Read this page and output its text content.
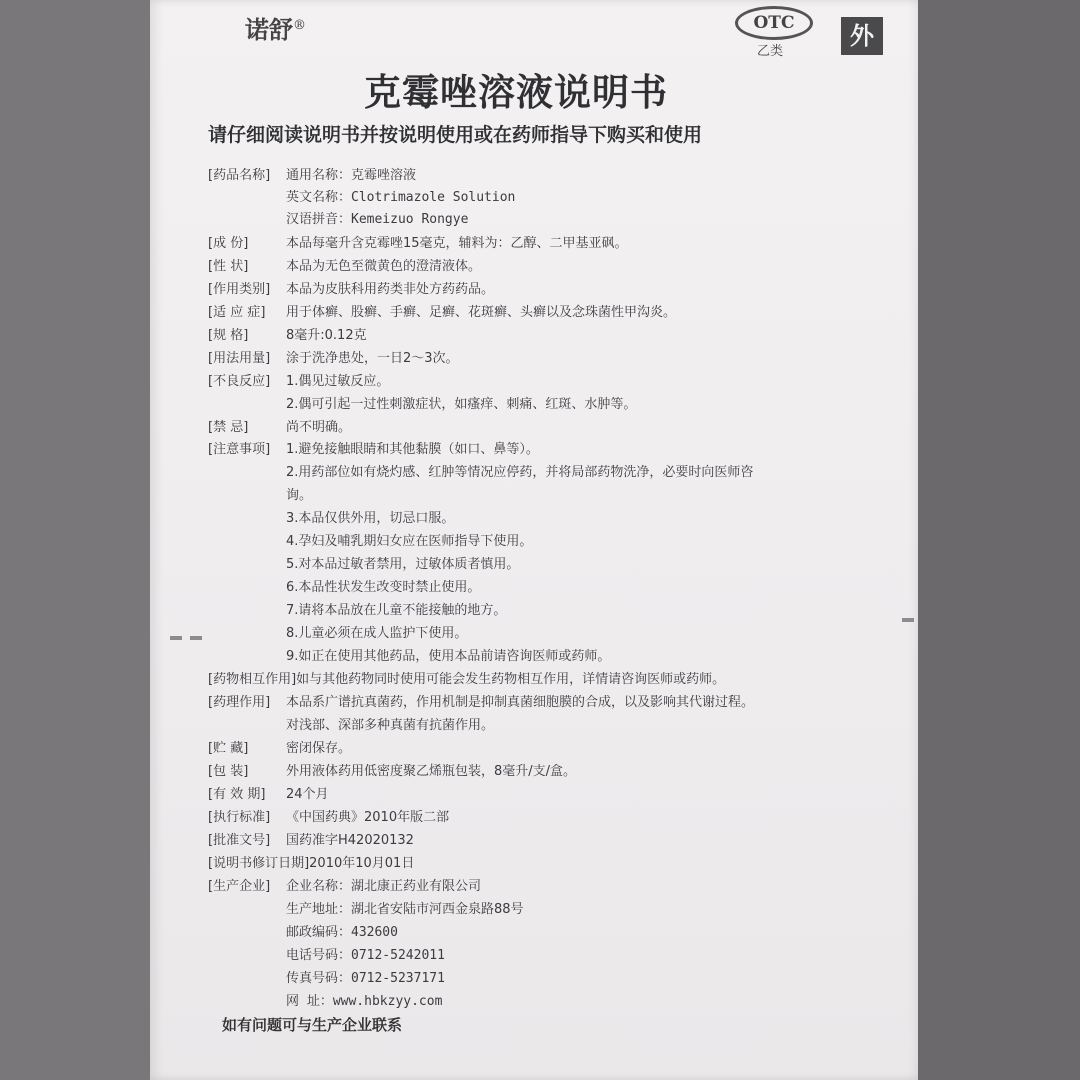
诺舒®	OTC
乙类
外
克霉唑溶液说明书
请仔细阅读说明书并按说明使用或在药师指导下购买和使用
[药品名称] 通用名称：克霉唑溶液
英文名称：Clotrimazole Solution
汉语拼音：Kemeizuo Rongye
[成 份]	本品每毫升含克霉唑15毫克，辅料为：乙醇、二甲基亚砜。
[性 状]	本品为无色至微黄色的澄清液体。
[作用类别] 本品为皮肤科用药类非处方药药品。
[适 应 症] 用于体癣、股癣、手癣、足癣、花斑癣、头癣以及念珠菌性甲沟炎。
[规 格]	8毫升:0.12克
[用法用量] 涂于洗净患处，一日2～3次。
[不良反应] 1.偶见过敏反应。
2.偶可引起一过性刺激症状，如瘙痒、刺痛、红斑、水肿等。
[禁 忌]	尚不明确。
[注意事项] 1.避免接触眼睛和其他黏膜（如口、鼻等）。
2.用药部位如有烧灼感、红肿等情况应停药，并将局部药物洗净，必要时向医师咨
询。
3.本品仅供外用，切忌口服。
4.孕妇及哺乳期妇女应在医师指导下使用。
5.对本品过敏者禁用，过敏体质者慎用。
6.本品性状发生改变时禁止使用。
7.请将本品放在儿童不能接触的地方。
8.儿童必须在成人监护下使用。
9.如正在使用其他药品，使用本品前请咨询医师或药师。
[药物相互作用]如与其他药物同时使用可能会发生药物相互作用，详情请咨询医师或药师。
[药理作用] 本品系广谱抗真菌药，作用机制是抑制真菌细胞膜的合成，以及影响其代谢过程。
对浅部、深部多种真菌有抗菌作用。
[贮 藏]	密闭保存。
[包 装]	外用液体药用低密度聚乙烯瓶包装，8毫升/支/盒。
[有 效 期] 24个月
[执行标准] 《中国药典》2010年版二部
[批准文号] 国药准字H42020132
[说明书修订日期]2010年10月01日
[生产企业] 企业名称：湖北康正药业有限公司
生产地址：湖北省安陆市河西金泉路88号
邮政编码：432600
电话号码：0712-5242011
传真号码：0712-5237171
网 址：www.hbkzyy.com
如有问题可与生产企业联系
